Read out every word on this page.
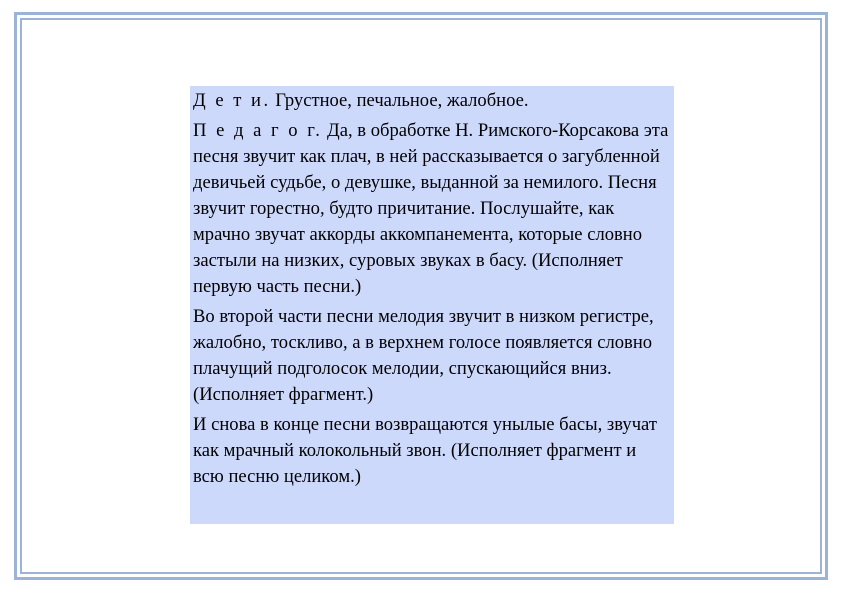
Д е т и. Грустное, печальное, жалобное.

П е д а г о г. Да, в обработке Н. Римского-Корсакова эта песня звучит как плач, в ней рассказывается о загубленной девичьей судьбе, о девушке, выданной за немилого. Песня звучит горестно, будто причитание. Послушайте, как мрачно звучат аккорды аккомпанемента, которые словно застыли на низких, суровых звуках в басу. (Исполняет первую часть песни.)

Во второй части песни мелодия звучит в низком регистре, жалобно, тоскливо, а в верхнем голосе появляется словно плачущий подголосок мелодии, спускающийся вниз. (Исполняет фрагмент.)

И снова в конце песни возвращаются унылые басы, звучат как мрачный колокольный звон. (Исполняет фрагмент и всю песню целиком.)
